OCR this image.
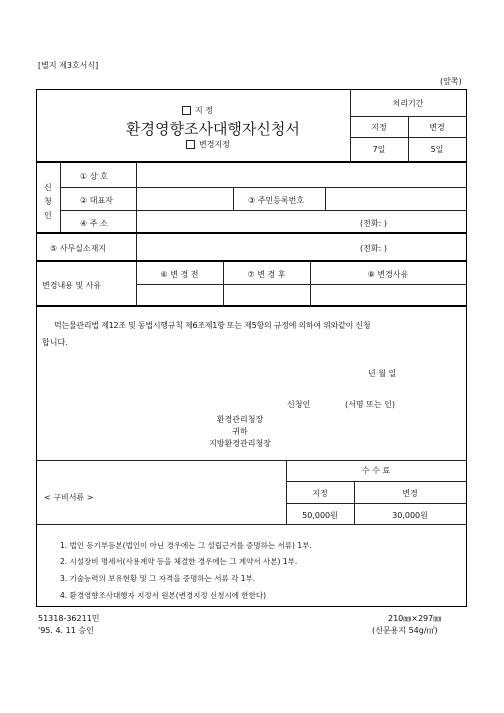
[별지 제3호서식]
(앞쪽)
지 정
환경영향조사대행자신청서
변경지정
처리기간
지정	변경
7일	5일
신
청
인
① 상 호
② 대표자	③ 주민등록번호
④ 주 소	(전화: )
⑤ 사무실소재지	(전화: )
변경내용 및 사유
⑥ 변 경 전	⑦ 변 경 후	⑧ 변경사유
먹는물관리법 제12조 및 동법시행규칙 제6조제1항 또는 제5항의 규정에 의하여 위와같이 신청
합니다.
년 월 일
신청인	(서명 또는 인)
환경관리청장
귀하
지방환경관리청장
수 수 료
지정	변경
50,000원	30,000원
< 구비서류 >
1. 법인 등기부등본(법인이 아닌 경우에는 그 설립근거를 증명하는 서류) 1부.
2. 시설장비 명세서(사용계약 등을 체결한 경우에는 그 계약서 사본) 1부.
3. 기술능력의 보유현황 및 그 자격을 증명하는 서류 각 1부.
4. 환경영향조사대행자 지정서 원본(변경지정 신청시에 한한다)
51318-36211민
'95. 4. 11 승인
210㎜×297㎜
(신문용지 54g/㎡)
